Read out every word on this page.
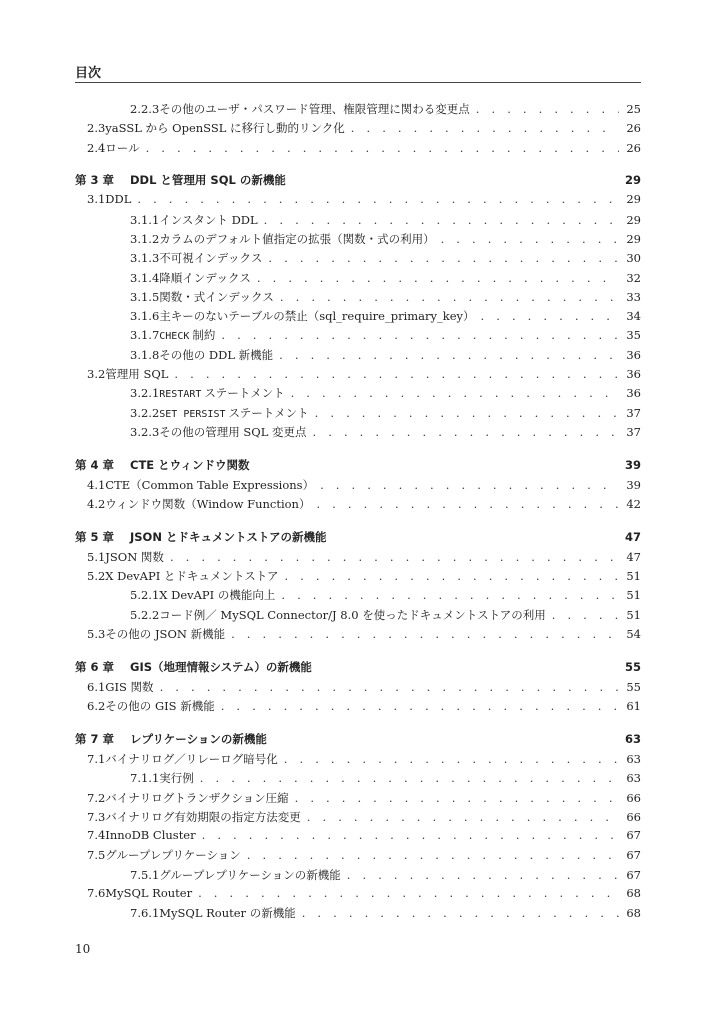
目次
2.2.3 その他のユーザ・パスワード管理、権限管理に関わる変更点 . . .	25
2.3 yaSSL から OpenSSL に移行し動的リンク化 . . .	26
2.4 ロール . . .	26
第 3 章	DDL と管理用 SQL の新機能	29
3.1 DDL . . .	29
3.1.1 インスタント DDL . . .	29
3.1.2 カラムのデフォルト値指定の拡張（関数・式の利用） . . .	29
3.1.3 不可視インデックス . . .	30
3.1.4 降順インデックス . . .	32
3.1.5 関数・式インデックス . . .	33
3.1.6 主キーのないテーブルの禁止（sql_require_primary_key） . . .	34
3.1.7 CHECK 制約 . . .	35
3.1.8 その他の DDL 新機能 . . .	36
3.2 管理用 SQL . . .	36
3.2.1 RESTART ステートメント . . .	36
3.2.2 SET PERSIST ステートメント . . .	37
3.2.3 その他の管理用 SQL 変更点 . . .	37
第 4 章	CTE とウィンドウ関数	39
4.1 CTE（Common Table Expressions） . . .	39
4.2 ウィンドウ関数（Window Function） . . .	42
第 5 章	JSON とドキュメントストアの新機能	47
5.1 JSON 関数 . . .	47
5.2 X DevAPI とドキュメントストア . . .	51
5.2.1 X DevAPI の機能向上 . . .	51
5.2.2 コード例／ MySQL Connector/J 8.0 を使ったドキュメントストアの利用 . . .	51
5.3 その他の JSON 新機能 . . .	54
第 6 章	GIS（地理情報システム）の新機能	55
6.1 GIS 関数 . . .	55
6.2 その他の GIS 新機能 . . .	61
第 7 章	レプリケーションの新機能	63
7.1 バイナリログ／リレーログ暗号化 . . .	63
7.1.1 実行例 . . .	63
7.2 バイナリログトランザクション圧縮 . . .	66
7.3 バイナリログ有効期限の指定方法変更 . . .	66
7.4 InnoDB Cluster . . .	67
7.5 グループレプリケーション . . .	67
7.5.1 グループレプリケーションの新機能 . . .	67
7.6 MySQL Router . . .	68
7.6.1 MySQL Router の新機能 . . .	68
10
